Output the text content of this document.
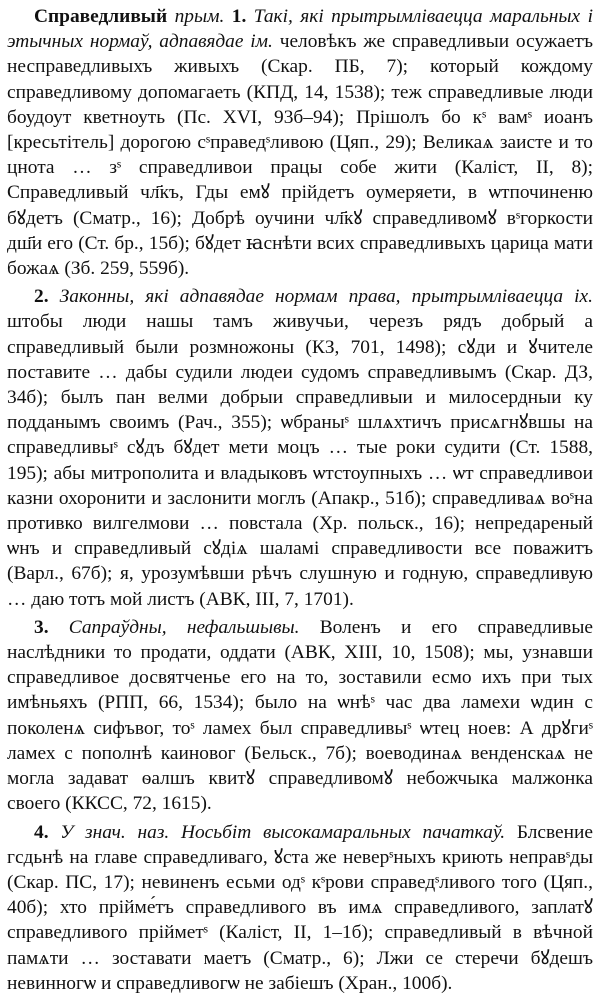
Справедливый прым. 1. Такі, які прытрымліваецца маральных і этычных нормаў, адпавядае ім. человѣкъ же справедливыи осужаетъ несправедливыхъ живыхъ (Скар. ПБ, 7); который кождому справедливому допомагаеть (КПД, 14, 1538); теж справедливые люди боудоут кветноуть (Пс. XVI, 93б–94); Прішолъ бо кˢ вамˢ иоанъ [кресьтітель] дорогою сˢправедˢливою (Цяп., 29); Великаѧ заисте и то цнота … зˢ справедливои працы собе жити (Каліст, II, 8); Справедливый чл҃къ, Гды емꙋ прійдетъ оумеряети, в ѡтпочиненю бꙋдетъ (Сматр., 16); Добрѣ оучини чл҃кꙋ справедливомꙋ вˢгоркости дш҃и его (Ст. бр., 15б); бꙋдет ꙗснѣти всих справедливыхъ царица мати божаѧ (Зб. 259, 559б).

2. Законны, які адпавядае нормам права, прытрымліваецца іх. штобы люди нашы тамъ живучьи, черезъ рядъ добрый а справедливый были розмножоны (КЗ, 701, 1498); сꙋди и ꙋчителе поставите … дабы судили людеи судомъ справедливымъ (Скар. ДЗ, 34б); былъ пан велми добрыи справедливыи и милосердныи ку подданымъ своимъ (Рач., 355); ѡбраныˢ шлѧхтичъ присѧгнꙋвшы на справедливыˢ сꙋдъ бꙋдет мети моцъ … тые роки судити (Ст. 1588, 195); абы митрополита и владыковъ ѡтстоупныхъ … ѡт справедливои казни охоронити и заслонити моглъ (Апакр., 51б); справедливаѧ воˢна противко вилгелмови … повстала (Хр. польск., 16); непредареный ѡнъ и справедливый сꙋдіѧ шаламі справедливости все поважитъ (Варл., 67б); я, урозумѣвши рѣчъ слушную и годную, справедливую … даю тотъ мой листъ (АВК, III, 7, 1701).

3. Сапраўдны, нефальшывы. Воленъ и его справедливые наслѣдники то продати, оддати (АВК, XIII, 10, 1508); мы, узнавши справедливое досвятченье его на то, зоставили есмо ихъ при тых имѣньяхъ (РПП, 66, 1534); было на ѡнѣˢ час два ламехи ѡдин с поколенѧ сифъвог, тоˢ ламех был справедливыˢ ѡтец ноев: А дрꙋгиˢ ламех с пополнѣ каиновог (Бельск., 7б); воеводинаѧ венденскаѧ не могла задават ѳалшъ квитꙋ справедливомꙋ небожчыка малжонка своего (ККСС, 72, 1615).

4. У знач. наз. Носьбіт высокамаральных пачаткаў. Блсвение гсдьнѣ на главе справедливаго, ꙋста же неверˢныхъ криють неправˢды (Скар. ПС, 17); невиненъ есьми одˢ кˢрови справедˢливого того (Цяп., 40б); хто прійме́тъ справедливого въ имѧ справедливого, заплатꙋ справедливого прійметˢ (Каліст, II, 1–1б); справедливый в вѣчной памѧти … зоставати маетъ (Сматр., 6); Лжи се стеречи бꙋдешъ невинногѡ и справедливогѡ не забіешъ (Хран., 100б).
